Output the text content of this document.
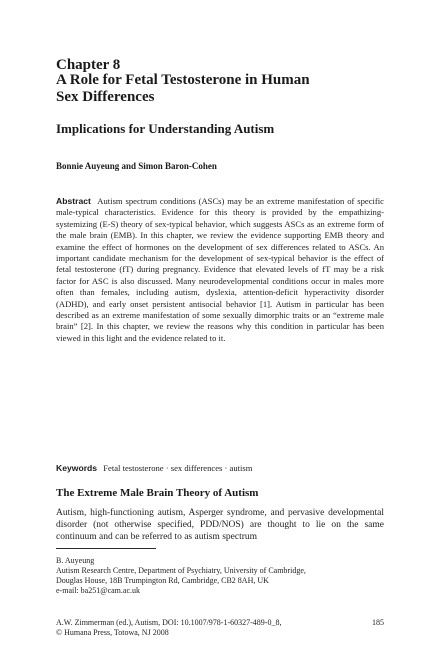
Chapter 8
A Role for Fetal Testosterone in Human
Sex Differences
Implications for Understanding Autism
Bonnie Auyeung and Simon Baron-Cohen
Abstract Autism spectrum conditions (ASCs) may be an extreme manifestation of specific male-typical characteristics. Evidence for this theory is provided by the empathizing-systemizing (E-S) theory of sex-typical behavior, which suggests ASCs as an extreme form of the male brain (EMB). In this chapter, we review the evidence supporting EMB theory and examine the effect of hormones on the development of sex differences related to ASCs. An important candidate mechanism for the development of sex-typical behavior is the effect of fetal testosterone (fT) during pregnancy. Evidence that elevated levels of fT may be a risk factor for ASC is also discussed. Many neurodevelopmental conditions occur in males more often than females, including autism, dyslexia, attention-deficit hyperactivity disorder (ADHD), and early onset persistent antisocial behavior [1]. Autism in particular has been described as an extreme manifestation of some sexually dimorphic traits or an “extreme male brain” [2]. In this chapter, we review the reasons why this condition in particular has been viewed in this light and the evidence related to it.
Keywords Fetal testosterone · sex differences · autism
The Extreme Male Brain Theory of Autism
Autism, high-functioning autism, Asperger syndrome, and pervasive developmental disorder (not otherwise specified, PDD/NOS) are thought to lie on the same continuum and can be referred to as autism spectrum
B. Auyeung
Autism Research Centre, Department of Psychiatry, University of Cambridge,
Douglas House, 18B Trumpington Rd, Cambridge, CB2 8AH, UK
e-mail: ba251@cam.ac.uk
A.W. Zimmerman (ed.), Autism, DOI: 10.1007/978-1-60327-489-0_8,
© Humana Press, Totowa, NJ 2008
185
